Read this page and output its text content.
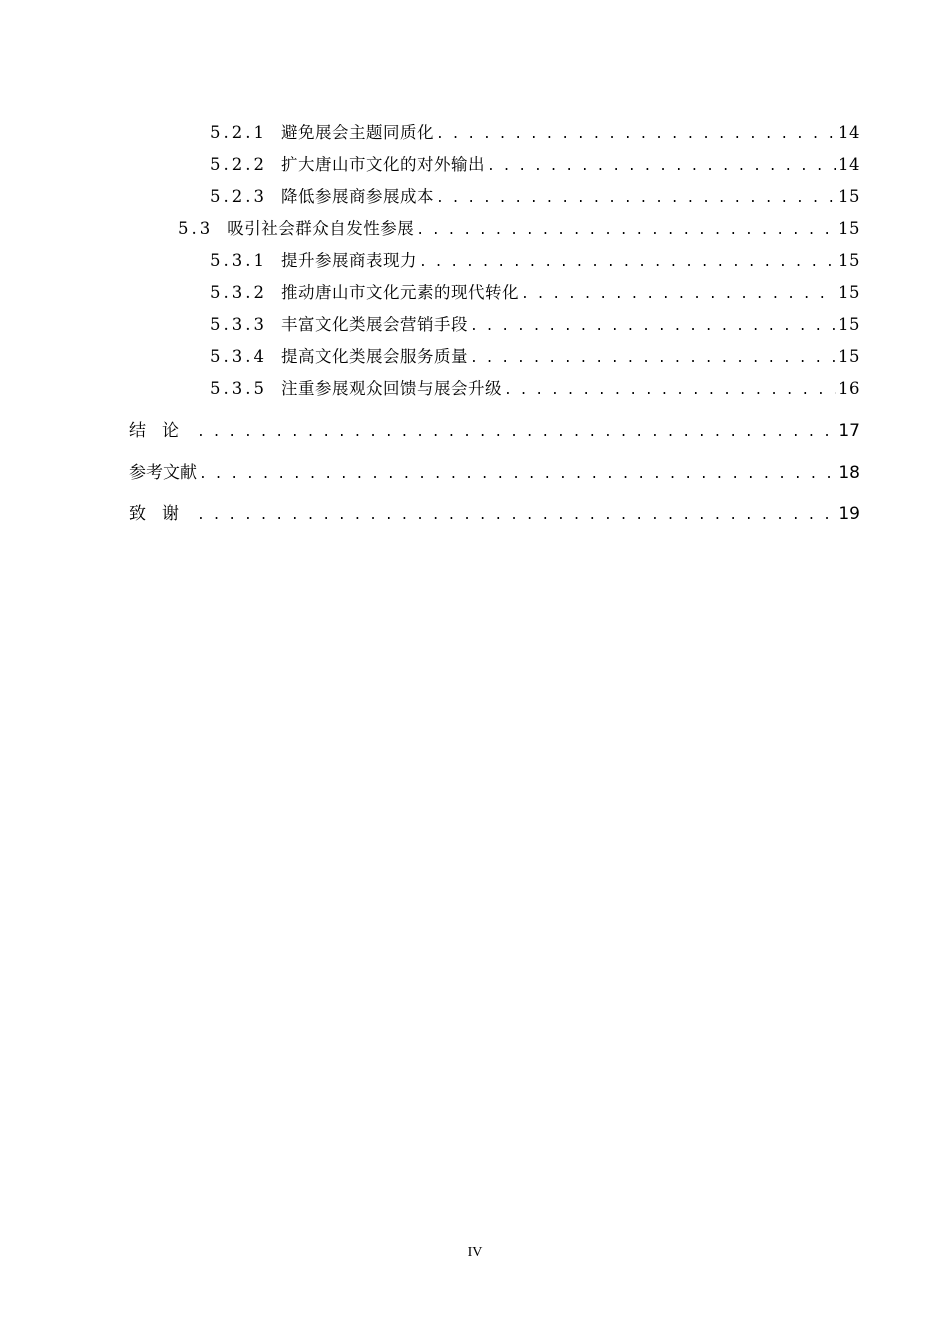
5.2.1 避免展会主题同质化 . . .	14
5.2.2 扩大唐山市文化的对外输出 . . .	14
5.2.3 降低参展商参展成本 . . .	15
5.3 吸引社会群众自发性参展 . . .	15
5.3.1 提升参展商表现力 . . .	15
5.3.2 推动唐山市文化元素的现代转化 . . .	15
5.3.3 丰富文化类展会营销手段 . . .	15
5.3.4 提高文化类展会服务质量 . . .	15
5.3.5 注重参展观众回馈与展会升级 . . .	16
结论 . . .	17
参考文献 . . .	18
致谢 . . .	19
IV
